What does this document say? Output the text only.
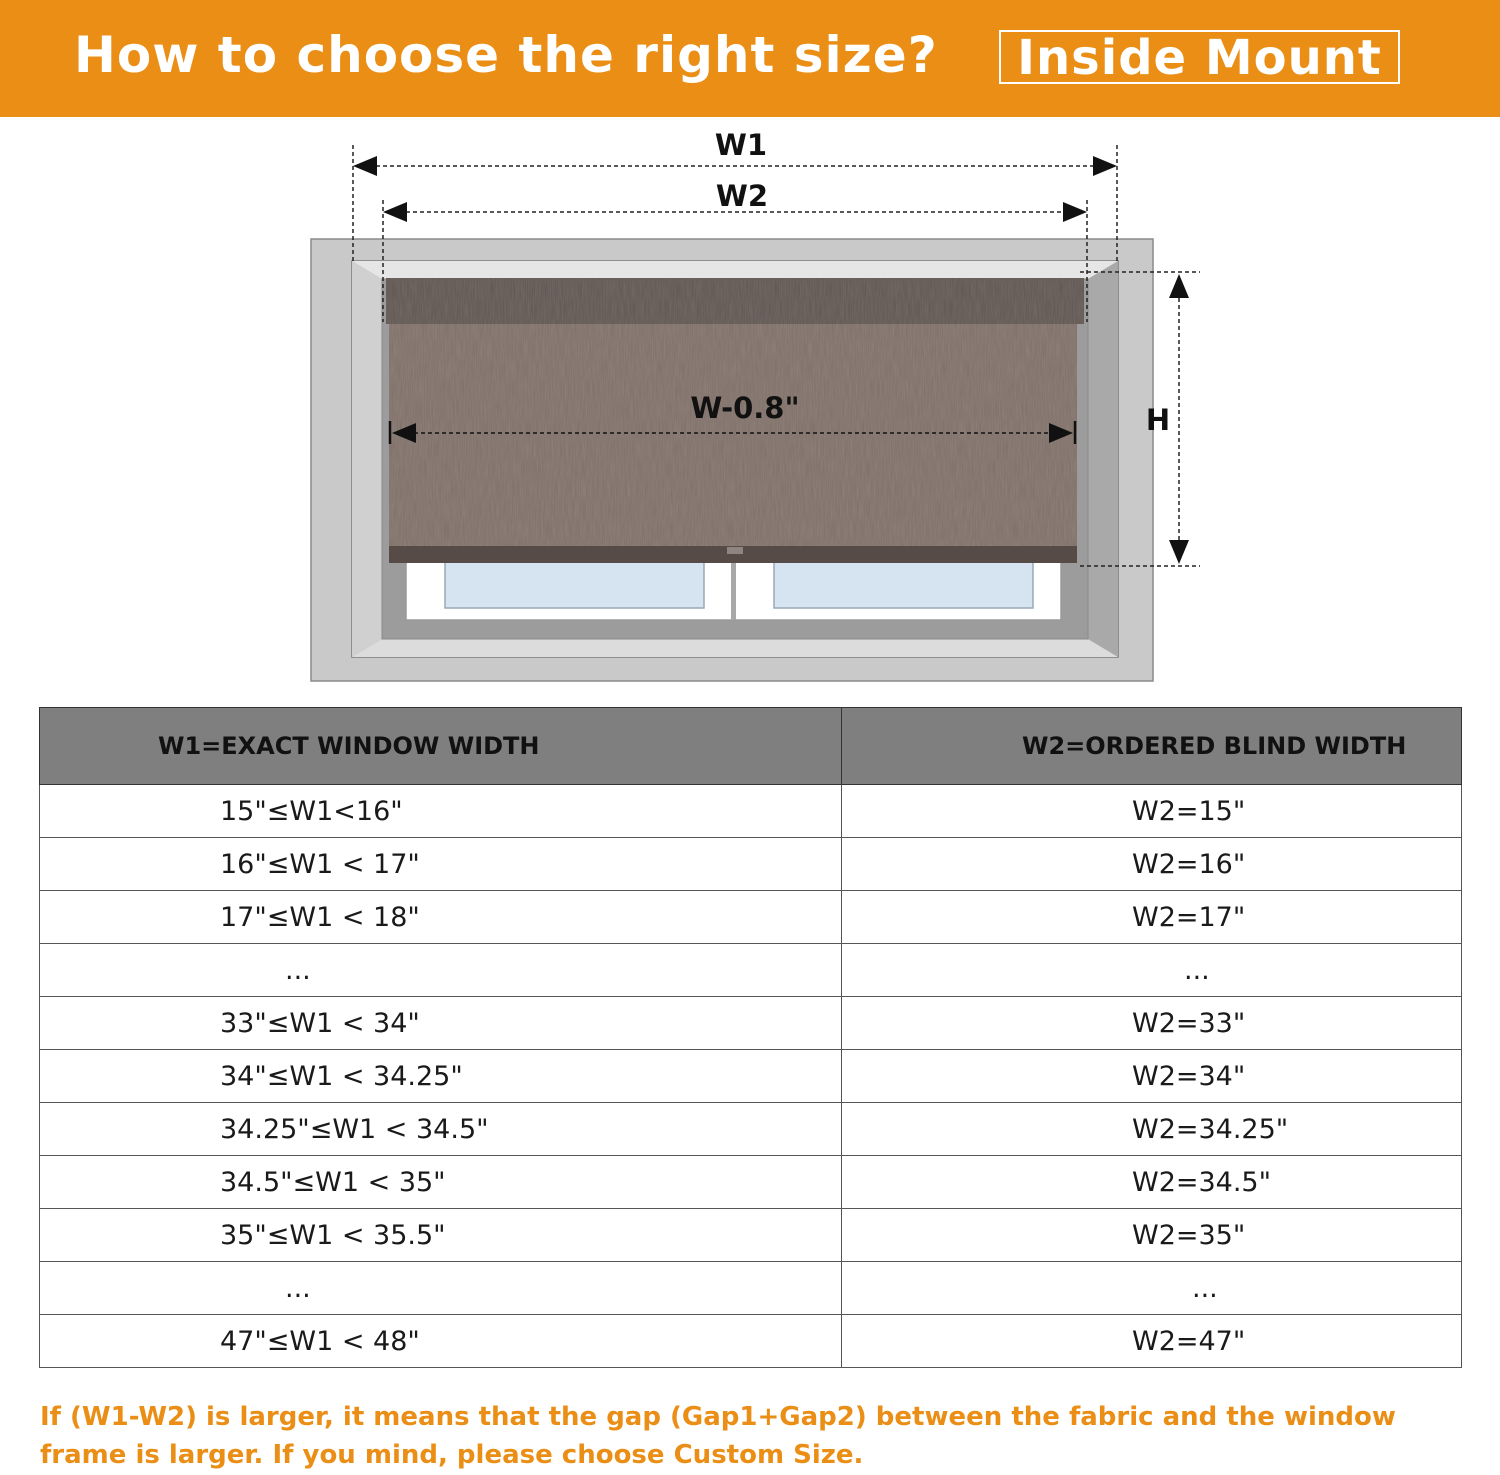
How to choose the right size?	Inside Mount
W1
W2
W-0.8"	H
W1=EXACT WINDOW WIDTH	W2=ORDERED BLIND WIDTH
15"≤W1<16"	W2=15"
16"≤W1 < 17"	W2=16"
17"≤W1 < 18"	W2=17"
...	...
33"≤W1 < 34"	W2=33"
34"≤W1 < 34.25"	W2=34"
34.25"≤W1 < 34.5"	W2=34.25"
34.5"≤W1 < 35"	W2=34.5"
35"≤W1 < 35.5"	W2=35"
...	...
47"≤W1 < 48"	W2=47"
If (W1-W2) is larger, it means that the gap (Gap1+Gap2) between the fabric and the window frame is larger. If you mind, please choose Custom Size.
